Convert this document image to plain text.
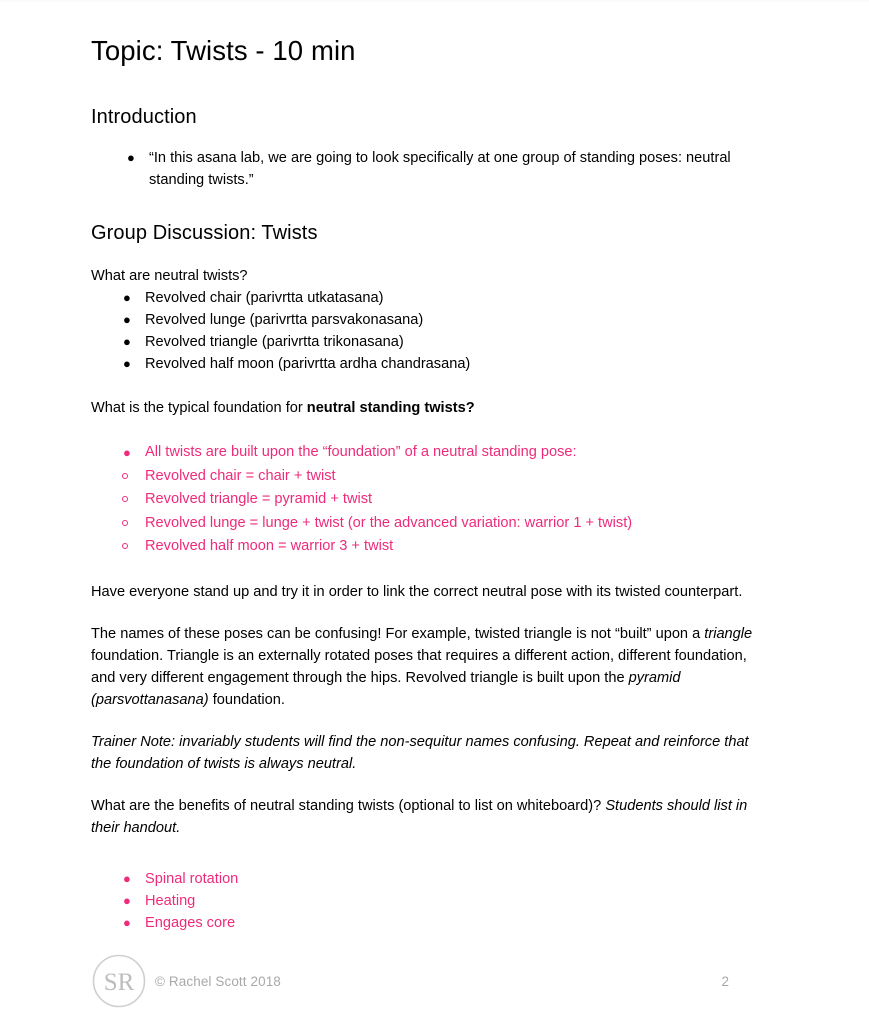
Topic: Twists - 10 min
Introduction
● “In this asana lab, we are going to look specifically at one group of standing poses: neutral standing twists.”
Group Discussion: Twists

What are neutral twists?

● Revolved chair (parivrtta utkatasana)
● Revolved lunge (parivrtta parsvakonasana)
● Revolved triangle (parivrtta trikonasana)
● Revolved half moon (parivrtta ardha chandrasana)

What is the typical foundation for neutral standing twists?

● All twists are built upon the “foundation” of a neutral standing pose:
Revolved chair = chair + twist
Revolved triangle = pyramid + twist
Revolved lunge = lunge + twist (or the advanced variation: warrior 1 + twist)
Revolved half moon = warrior 3 + twist

Have everyone stand up and try it in order to link the correct neutral pose with its twisted counterpart.

The names of these poses can be confusing! For example, twisted triangle is not “built” upon a triangle foundation. Triangle is an externally rotated poses that requires a different action, different foundation, and very different engagement through the hips. Revolved triangle is built upon the pyramid (parsvottanasana) foundation.

Trainer Note: invariably students will find the non-sequitur names confusing. Repeat and reinforce that the foundation of twists is always neutral.

What are the benefits of neutral standing twists (optional to list on whiteboard)? Students should list in their handout.

● Spinal rotation
● Heating
● Engages core
SR © Rachel Scott 2018	2
